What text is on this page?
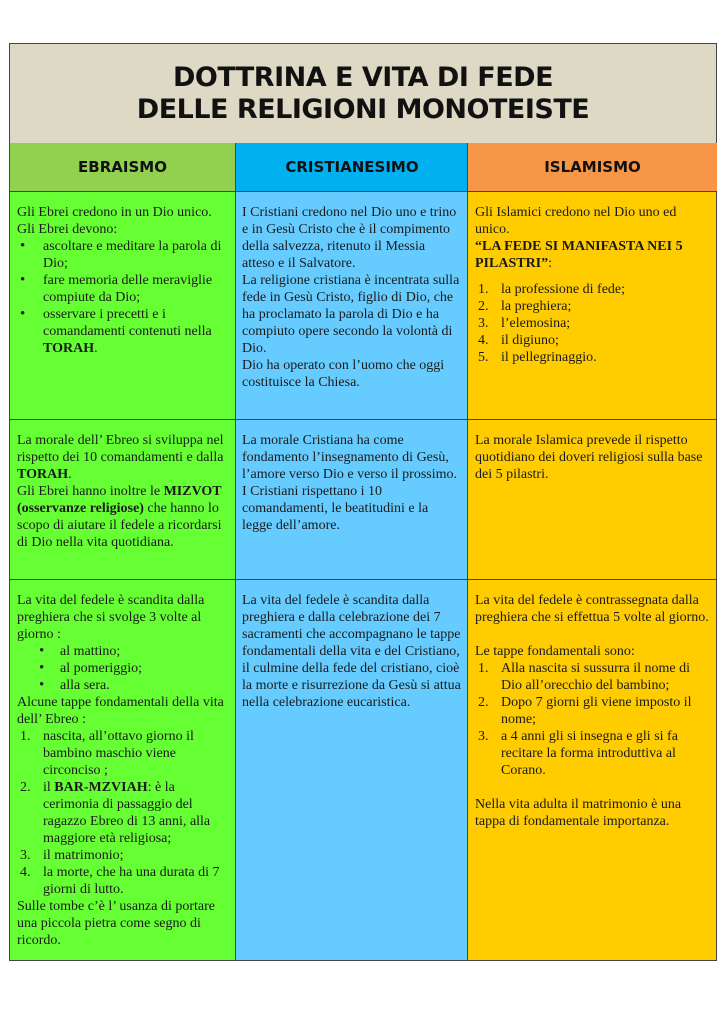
DOTTRINA E VITA DI FEDE
DELLE RELIGIONI MONOTEISTE
EBRAISMO	CRISTIANESIMO	ISLAMISMO

Gli Ebrei credono in un Dio unico.

Gli Ebrei devono:

• ascoltare e meditare la parola di Dio;
• fare memoria delle meraviglie compiute da Dio;
• osservare i precetti e i comandamenti contenuti nella TORAH.

I Cristiani credono nel Dio uno e trino e in Gesù Cristo che è il compimento della salvezza, ritenuto il Messia atteso e il Salvatore.

La religione cristiana è incentrata sulla fede in Gesù Cristo, figlio di Dio, che ha proclamato la parola di Dio e ha compiuto opere secondo la volontà di Dio.

Dio ha operato con l’uomo che oggi costituisce la Chiesa.

Gli Islamici credono nel Dio uno ed unico.

“LA FEDE SI MANIFASTA NEI 5 PILASTRI”:

1. la professione di fede;
2. la preghiera;
3. l’elemosina;
4. il digiuno;
5. il pellegrinaggio.

La morale dell’ Ebreo si sviluppa nel rispetto dei 10 comandamenti e dalla TORAH.

Gli Ebrei hanno inoltre le MIZVOT (osservanze religiose) che hanno lo scopo di aiutare il fedele a ricordarsi di Dio nella vita quotidiana.

La morale Cristiana ha come fondamento l’insegnamento di Gesù, l’amore verso Dio e verso il prossimo.

I Cristiani rispettano i 10 comandamenti, le beatitudini e la legge dell’amore.

La morale Islamica prevede il rispetto quotidiano dei doveri religiosi sulla base dei 5 pilastri.

La vita del fedele è scandita dalla preghiera che si svolge 3 volte al giorno :

• al mattino;
• al pomeriggio;
• alla sera.

Alcune tappe fondamentali della vita dell’ Ebreo :

1. nascita, all’ottavo giorno il bambino maschio viene circonciso ;
2. il BAR-MZVIAH: è la cerimonia di passaggio del ragazzo Ebreo di 13 anni, alla maggiore età religiosa;
3. il matrimonio;
4. la morte, che ha una durata di 7 giorni di lutto.

Sulle tombe c’è l’ usanza di portare una piccola pietra come segno di ricordo.

La vita del fedele è scandita dalla preghiera e dalla celebrazione dei 7 sacramenti che accompagnano le tappe fondamentali della vita e del Cristiano, il culmine della fede del cristiano, cioè la morte e risurrezione da Gesù si attua nella celebrazione eucaristica.

La vita del fedele è contrassegnata dalla preghiera che si effettua 5 volte al giorno.

Le tappe fondamentali sono:

1. Alla nascita si sussurra il nome di Dio all’orecchio del bambino;
2. Dopo 7 giorni gli viene imposto il nome;
3. a 4 anni gli si insegna e gli si fa recitare la forma introduttiva al Corano.

Nella vita adulta il matrimonio è una tappa di fondamentale importanza.
